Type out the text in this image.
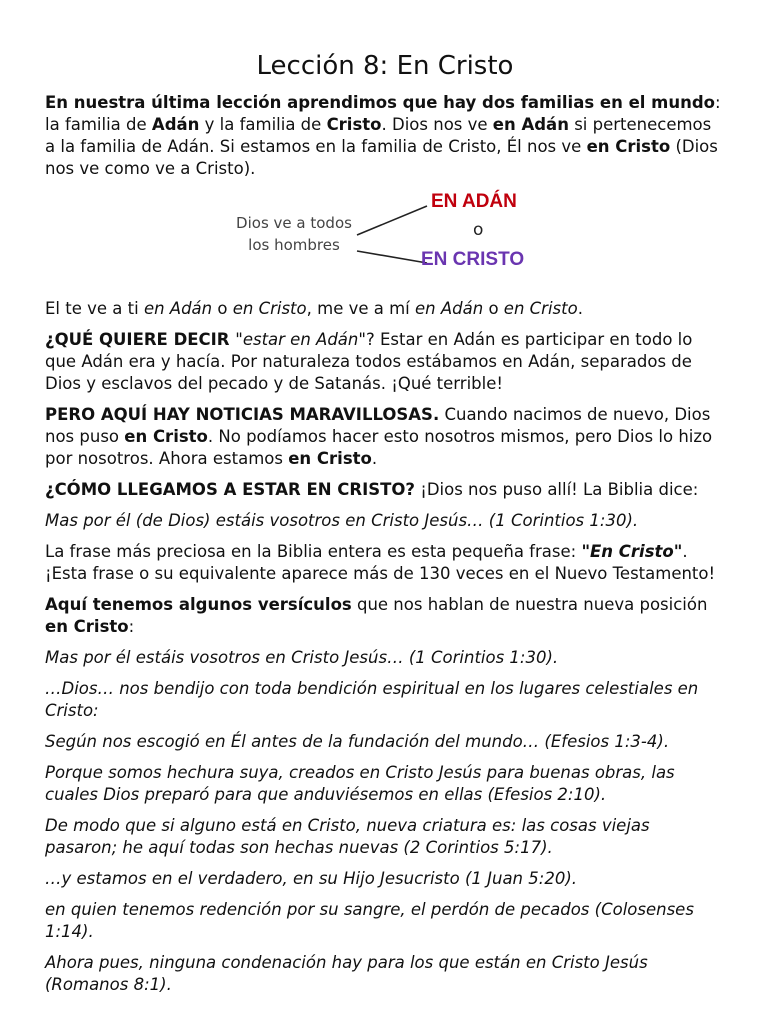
Lección 8: En Cristo

En nuestra última lección aprendimos que hay dos familias en el mundo: la familia de Adán y la familia de Cristo. Dios nos ve en Adán si pertenecemos a la familia de Adán. Si estamos en la familia de Cristo, Él nos ve en Cristo (Dios nos ve como ve a Cristo).

Dios ve a todos
los hombres
EN ADÁN
o
EN CRISTO

El te ve a ti en Adán o en Cristo, me ve a mí en Adán o en Cristo.

¿QUÉ QUIERE DECIR "estar en Adán"? Estar en Adán es participar en todo lo que Adán era y hacía. Por naturaleza todos estábamos en Adán, separados de Dios y esclavos del pecado y de Satanás. ¡Qué terrible!

PERO AQUÍ HAY NOTICIAS MARAVILLOSAS. Cuando nacimos de nuevo, Dios nos puso en Cristo. No podíamos hacer esto nosotros mismos, pero Dios lo hizo por nosotros. Ahora estamos en Cristo.

¿CÓMO LLEGAMOS A ESTAR EN CRISTO? ¡Dios nos puso allí! La Biblia dice:

Mas por él (de Dios) estáis vosotros en Cristo Jesús… (1 Corintios 1:30).

La frase más preciosa en la Biblia entera es esta pequeña frase: "En Cristo". ¡Esta frase o su equivalente aparece más de 130 veces en el Nuevo Testamento!

Aquí tenemos algunos versículos que nos hablan de nuestra nueva posición en Cristo:

Mas por él estáis vosotros en Cristo Jesús… (1 Corintios 1:30).

…Dios… nos bendijo con toda bendición espiritual en los lugares celestiales en Cristo:

Según nos escogió en Él antes de la fundación del mundo… (Efesios 1:3-4).

Porque somos hechura suya, creados en Cristo Jesús para buenas obras, las cuales Dios preparó para que anduviésemos en ellas (Efesios 2:10).

De modo que si alguno está en Cristo, nueva criatura es: las cosas viejas pasaron; he aquí todas son hechas nuevas (2 Corintios 5:17).

…y estamos en el verdadero, en su Hijo Jesucristo (1 Juan 5:20).

en quien tenemos redención por su sangre, el perdón de pecados (Colosenses 1:14).

Ahora pues, ninguna condenación hay para los que están en Cristo Jesús (Romanos 8:1).
